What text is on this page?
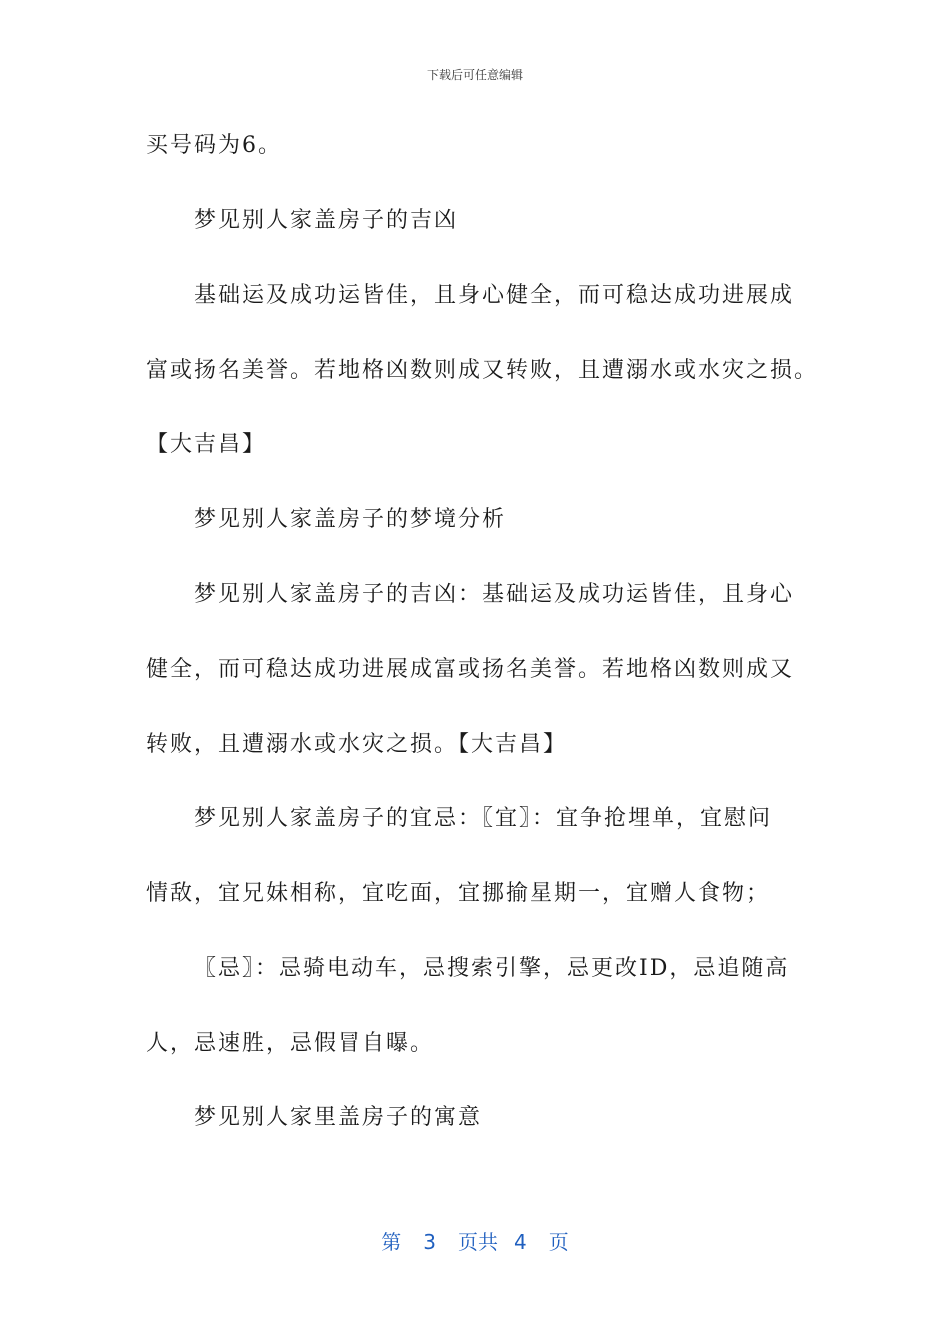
下载后可任意编辑
买号码为6。
梦见别人家盖房子的吉凶
基础运及成功运皆佳，且身心健全，而可稳达成功进展成
富或扬名美誉。若地格凶数则成又转败，且遭溺水或水灾之损。
【大吉昌】
梦见别人家盖房子的梦境分析
梦见别人家盖房子的吉凶：基础运及成功运皆佳，且身心
健全，而可稳达成功进展成富或扬名美誉。若地格凶数则成又
转败，且遭溺水或水灾之损。【大吉昌】
梦见别人家盖房子的宜忌：〖宜〗：宜争抢埋单，宜慰问
情敌，宜兄妹相称，宜吃面，宜挪揄星期一，宜赠人食物；
〖忌〗：忌骑电动车，忌搜索引擎，忌更改ID，忌追随高
人，忌速胜，忌假冒自曝。
梦见别人家里盖房子的寓意
第 3 页共 4 页
